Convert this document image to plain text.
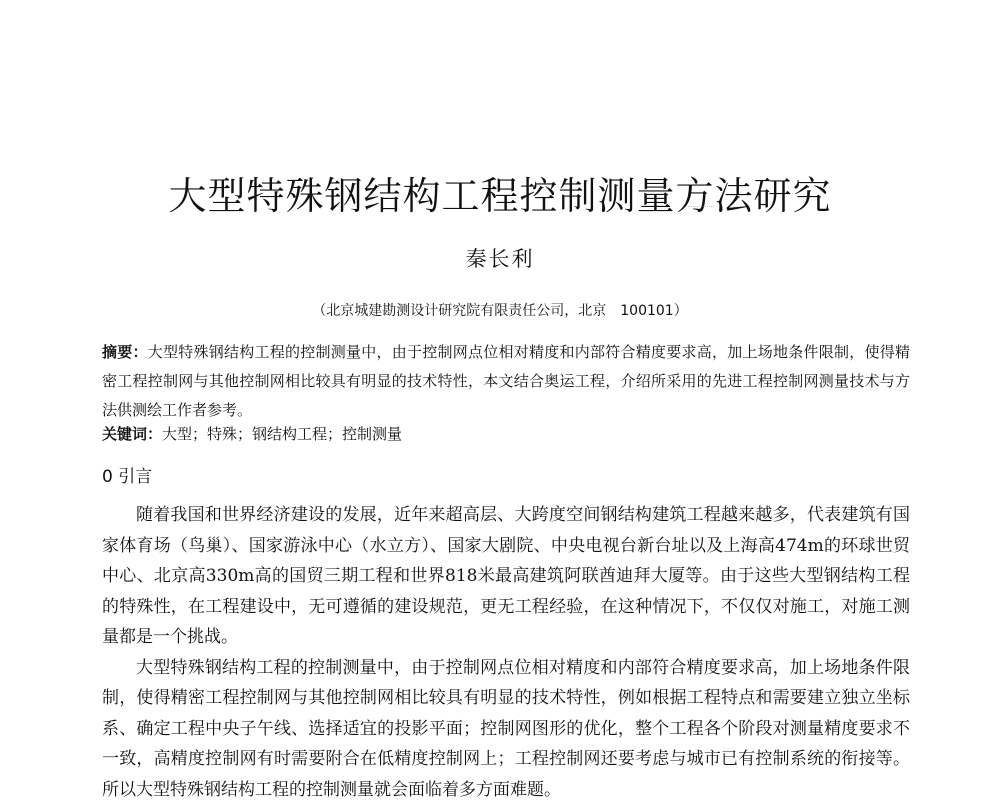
大型特殊钢结构工程控制测量方法研究
秦长利
（北京城建勘测设计研究院有限责任公司，北京　100101）
摘要：大型特殊钢结构工程的控制测量中，由于控制网点位相对精度和内部符合精度要求高，加上场地条件限制，使得精密工程控制网与其他控制网相比较具有明显的技术特性，本文结合奥运工程，介绍所采用的先进工程控制网测量技术与方法供测绘工作者参考。
关键词：大型；特殊；钢结构工程；控制测量
0 引言

随着我国和世界经济建设的发展，近年来超高层、大跨度空间钢结构建筑工程越来越多，代表建筑有国家体育场（鸟巢）、国家游泳中心（水立方）、国家大剧院、中央电视台新台址以及上海高474m的环球世贸中心、北京高330m高的国贸三期工程和世界818米最高建筑阿联酋迪拜大厦等。由于这些大型钢结构工程的特殊性，在工程建设中，无可遵循的建设规范，更无工程经验，在这种情况下，不仅仅对施工，对施工测量都是一个挑战。

大型特殊钢结构工程的控制测量中，由于控制网点位相对精度和内部符合精度要求高，加上场地条件限制，使得精密工程控制网与其他控制网相比较具有明显的技术特性，例如根据工程特点和需要建立独立坐标系、确定工程中央子午线、选择适宜的投影平面；控制网图形的优化，整个工程各个阶段对测量精度要求不一致，高精度控制网有时需要附合在低精度控制网上；工程控制网还要考虑与城市已有控制系统的衔接等。所以大型特殊钢结构工程的控制测量就会面临着多方面难题。
